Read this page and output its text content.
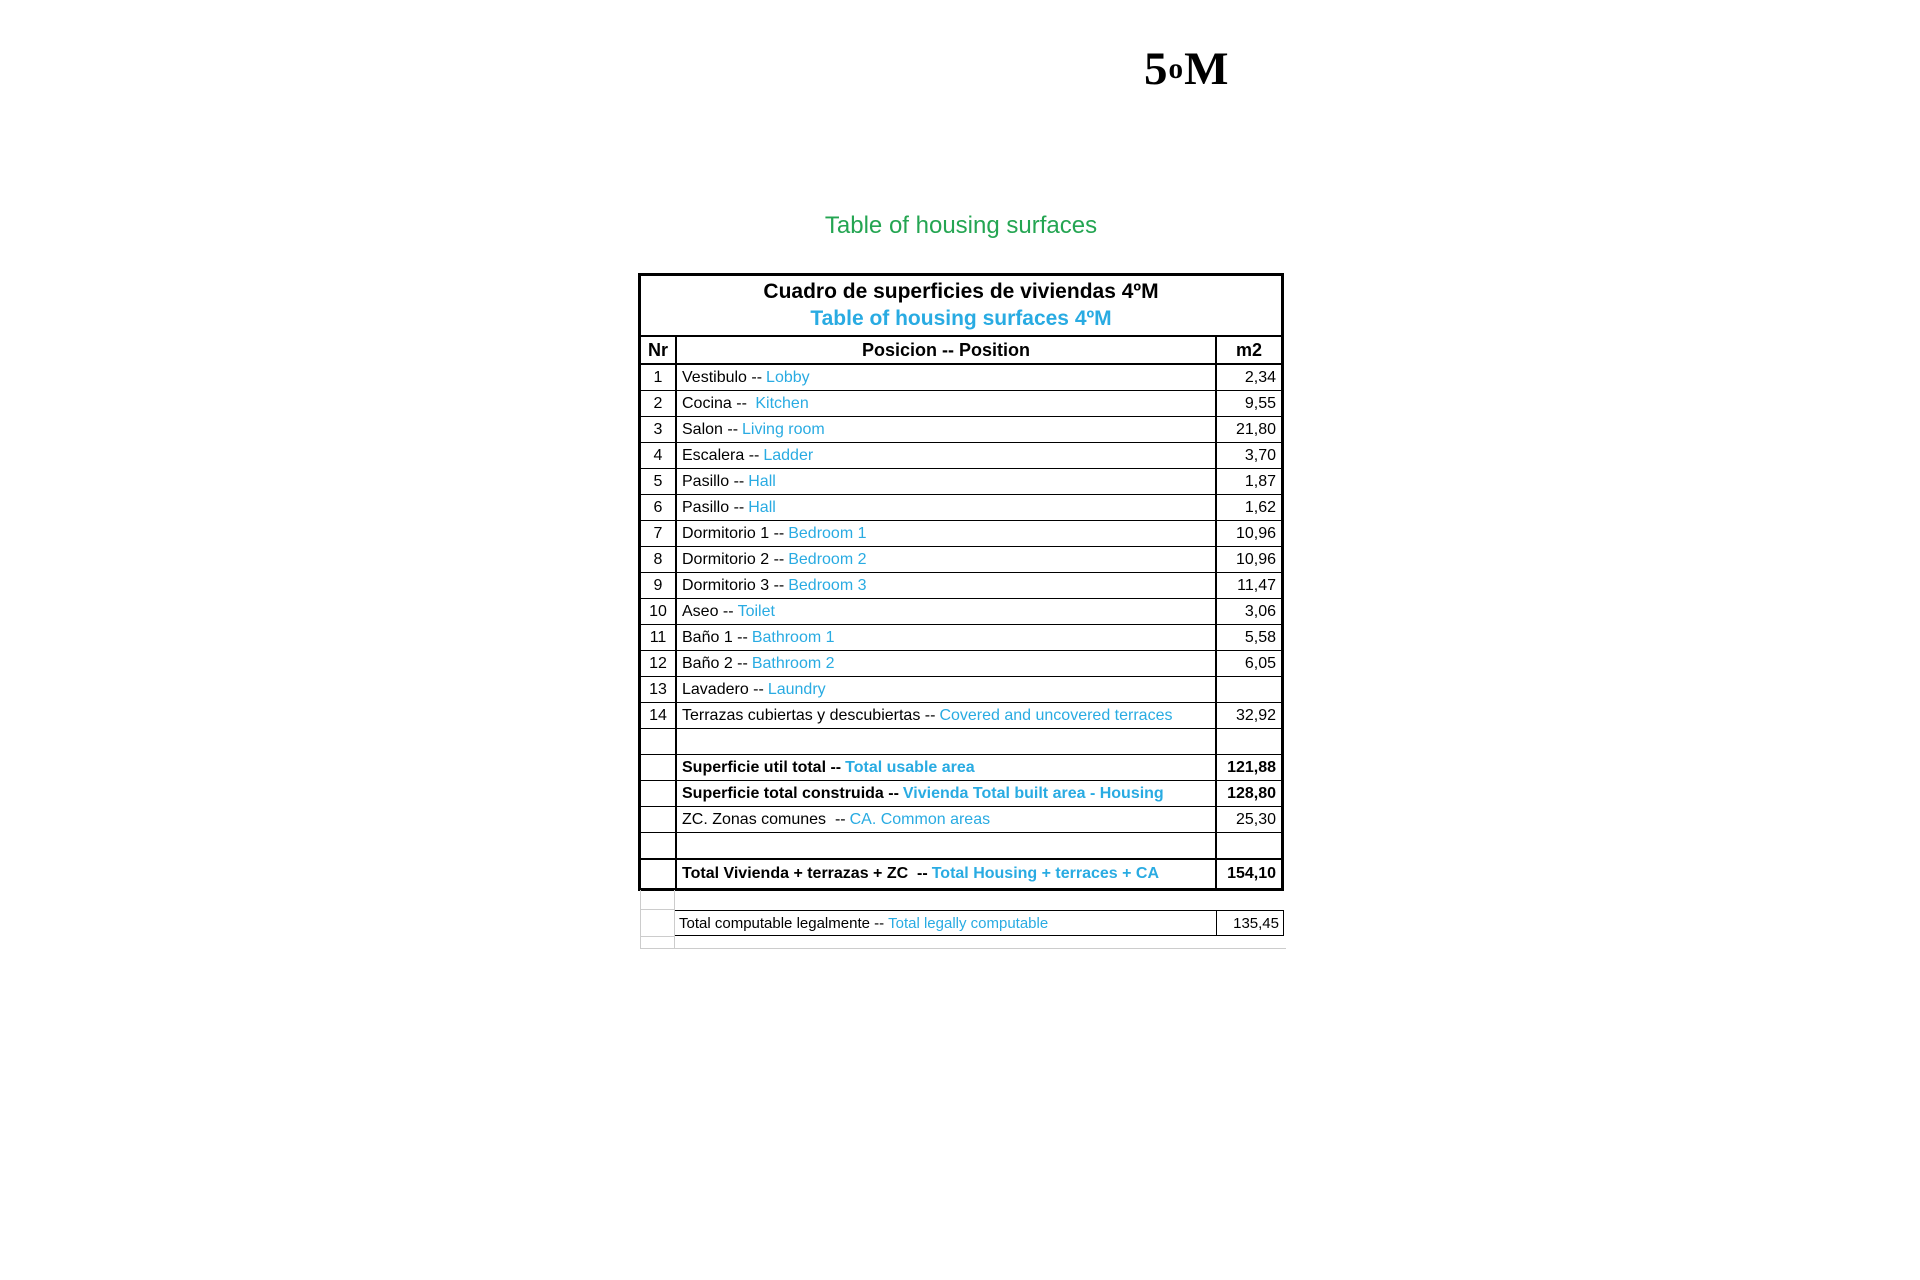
5$^o$M
Table of housing surfaces
Cuadro de superficies de viviendas 4ºM
Table of housing surfaces 4ºM
Nr	Posicion -- Position	m2
1	Vestibulo -- Lobby	2,34
2	Cocina -- Kitchen	9,55
3	Salon -- Living room	21,80
4	Escalera -- Ladder	3,70
5	Pasillo -- Hall	1,87
6	Pasillo -- Hall	1,62
7	Dormitorio 1 -- Bedroom 1	10,96
8	Dormitorio 2 -- Bedroom 2	10,96
9	Dormitorio 3 -- Bedroom 3	11,47
10 Aseo -- Toilet	3,06
11 Baño 1 -- Bathroom 1	5,58
12 Baño 2 -- Bathroom 2	6,05
13 Lavadero -- Laundry
14 Terrazas cubiertas y descubiertas -- Covered and uncovered terraces	32,92
Superficie util total -- Total usable area	121,88
Superficie total construida -- Vivienda Total built area - Housing	128,80
ZC. Zonas comunes  -- CA. Common areas	25,30
Total Vivienda + terrazas + ZC  -- Total Housing + terraces + CA	154,10
Total computable legalmente -- Total legally computable	135,45
